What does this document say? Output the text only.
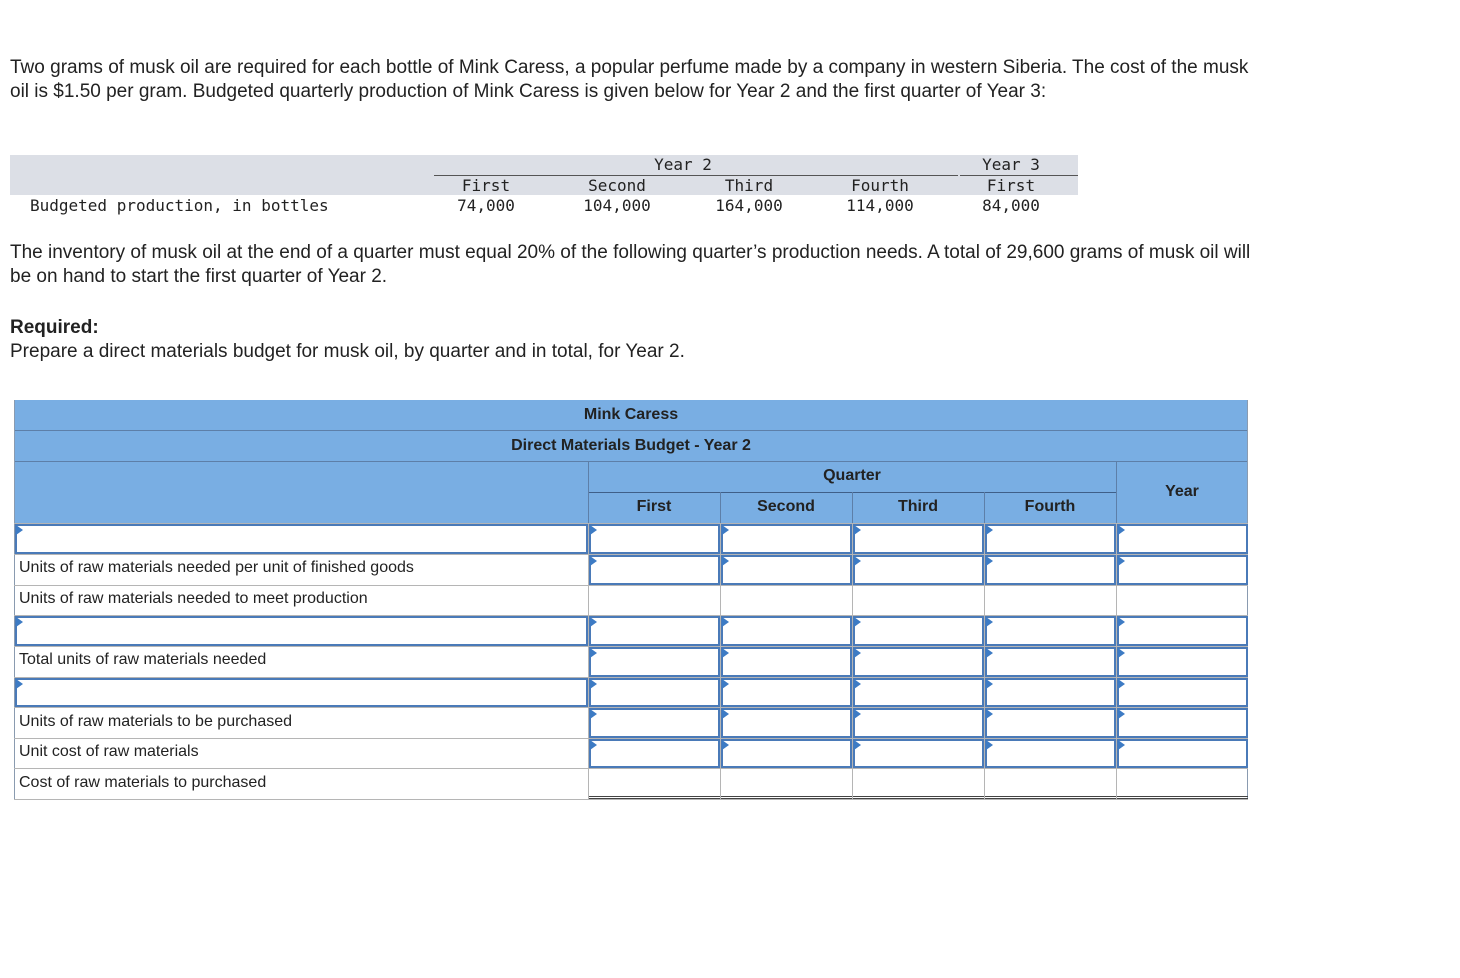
Two grams of musk oil are required for each bottle of Mink Caress, a popular perfume made by a company in western Siberia. The cost of the musk oil is $1.50 per gram. Budgeted quarterly production of Mink Caress is given below for Year 2 and the first quarter of Year 3:
Year 2	Year 3
First	Second	Third	Fourth	First
Budgeted production, in bottles	74,000	104,000	164,000	114,000	84,000
The inventory of musk oil at the end of a quarter must equal 20% of the following quarter’s production needs. A total of 29,600 grams of musk oil will be on hand to start the first quarter of Year 2.
Required:
Prepare a direct materials budget for musk oil, by quarter and in total, for Year 2.
Mink Caress
Direct Materials Budget - Year 2
Quarter
Year
First	Second	Third	Fourth
Units of raw materials needed per unit of finished goods
Units of raw materials needed to meet production
Total units of raw materials needed
Units of raw materials to be purchased
Unit cost of raw materials
Cost of raw materials to purchased
